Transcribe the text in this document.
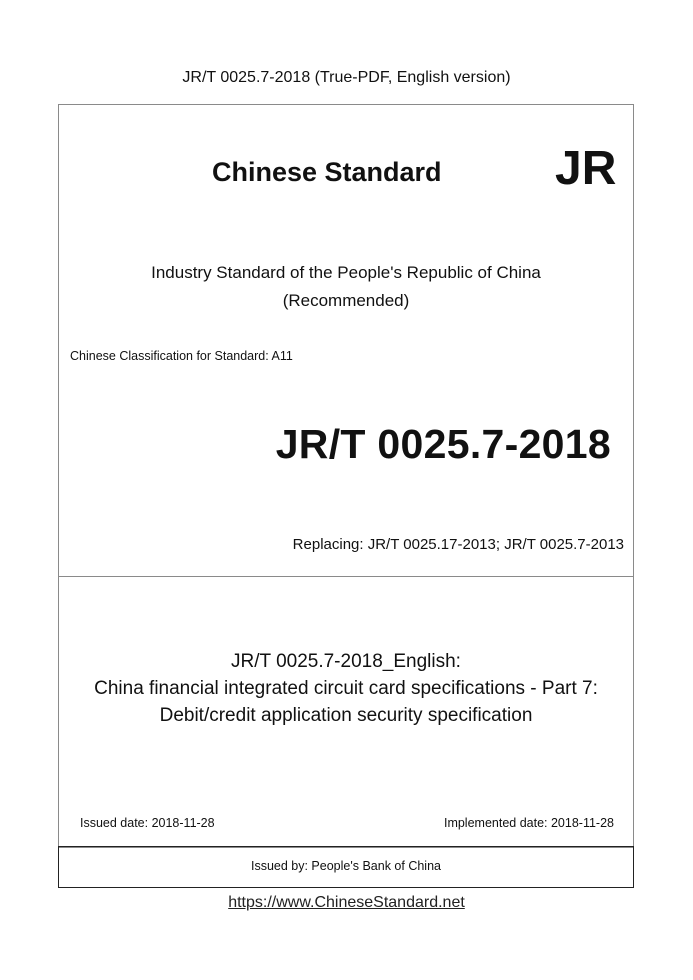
JR/T 0025.7-2018 (True-PDF, English version)
Chinese Standard JR
Industry Standard of the People's Republic of China
(Recommended)
Chinese Classification for Standard: A11
JR/T 0025.7-2018
Replacing: JR/T 0025.17-2013; JR/T 0025.7-2013
JR/T 0025.7-2018_English:
China financial integrated circuit card specifications - Part 7:
Debit/credit application security specification
Issued date: 2018-11-28	Implemented date: 2018-11-28
Issued by: People's Bank of China
https://www.ChineseStandard.net
